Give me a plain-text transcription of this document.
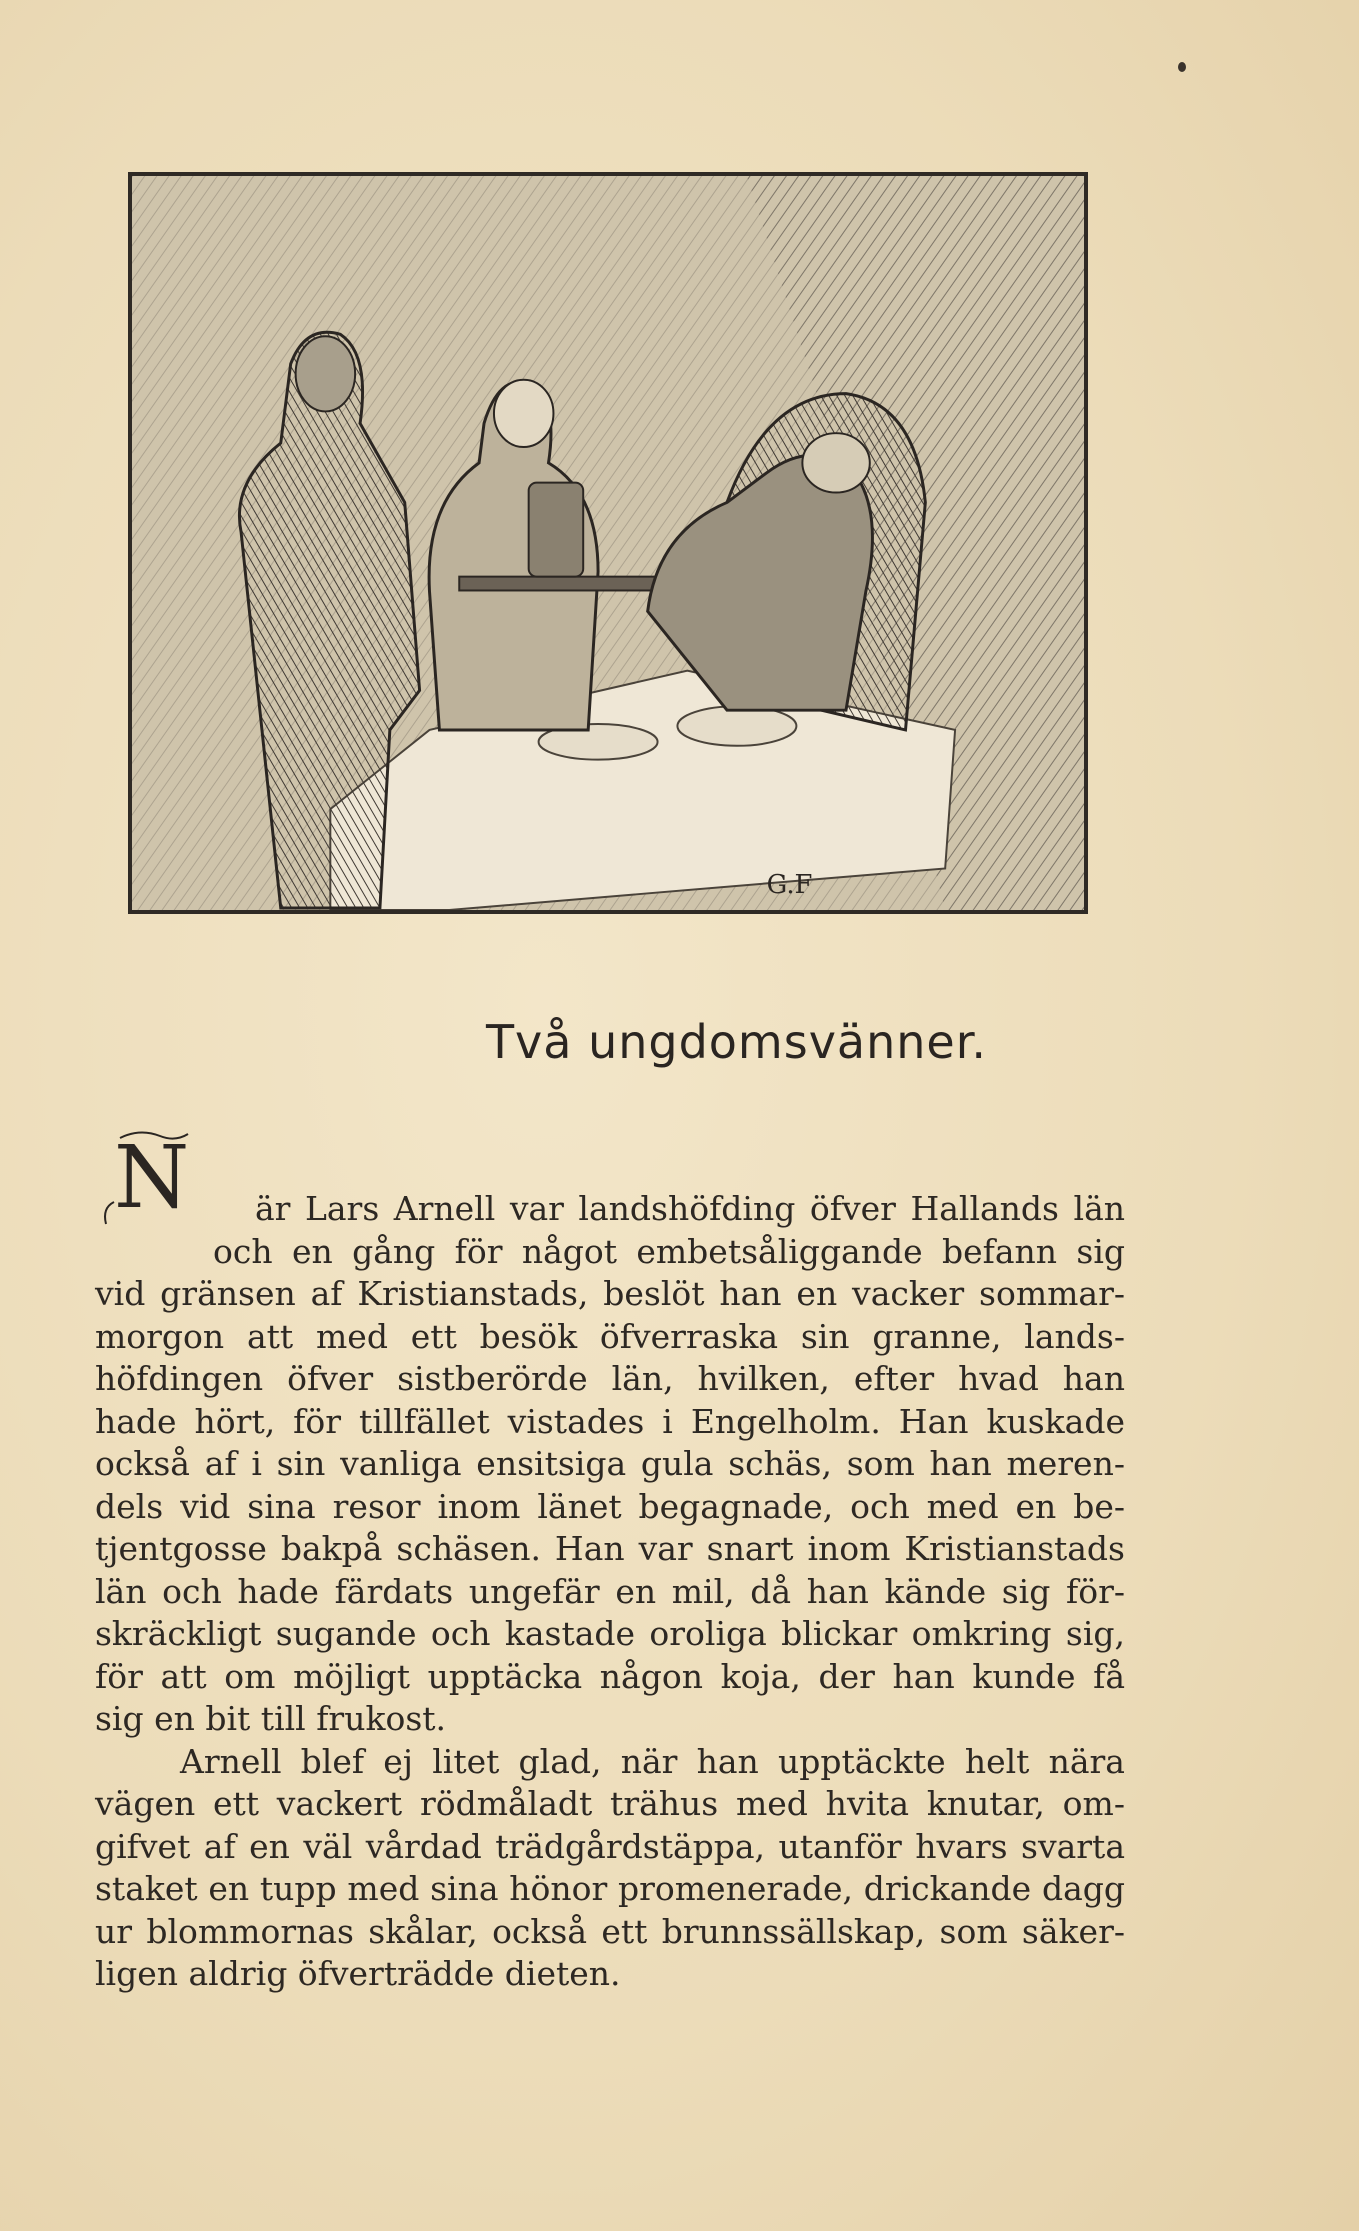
G.F
Två ungdomsvänner.
N	är Lars Arnell var landshöfding öfver Hallands län
och en gång för något embetsåliggande befann sig
vid gränsen af Kristianstads, beslöt han en vacker sommar-
morgon att med ett besök öfverraska sin granne, lands-
höfdingen öfver sistberörde län, hvilken, efter hvad han
hade hört, för tillfället vistades i Engelholm. Han kuskade
också af i sin vanliga ensitsiga gula schäs, som han meren-
dels vid sina resor inom länet begagnade, och med en be-
tjentgosse bakpå schäsen. Han var snart inom Kristianstads
län och hade färdats ungefär en mil, då han kände sig för-
skräckligt sugande och kastade oroliga blickar omkring sig,
för att om möjligt upptäcka någon koja, der han kunde få
sig en bit till frukost.
Arnell blef ej litet glad, när han upptäckte helt nära
vägen ett vackert rödmåladt trähus med hvita knutar, om-
gifvet af en väl vårdad trädgårdstäppa, utanför hvars svarta
staket en tupp med sina hönor promenerade, drickande dagg
ur blommornas skålar, också ett brunnssällskap, som säker-
ligen aldrig öfverträdde dieten.
